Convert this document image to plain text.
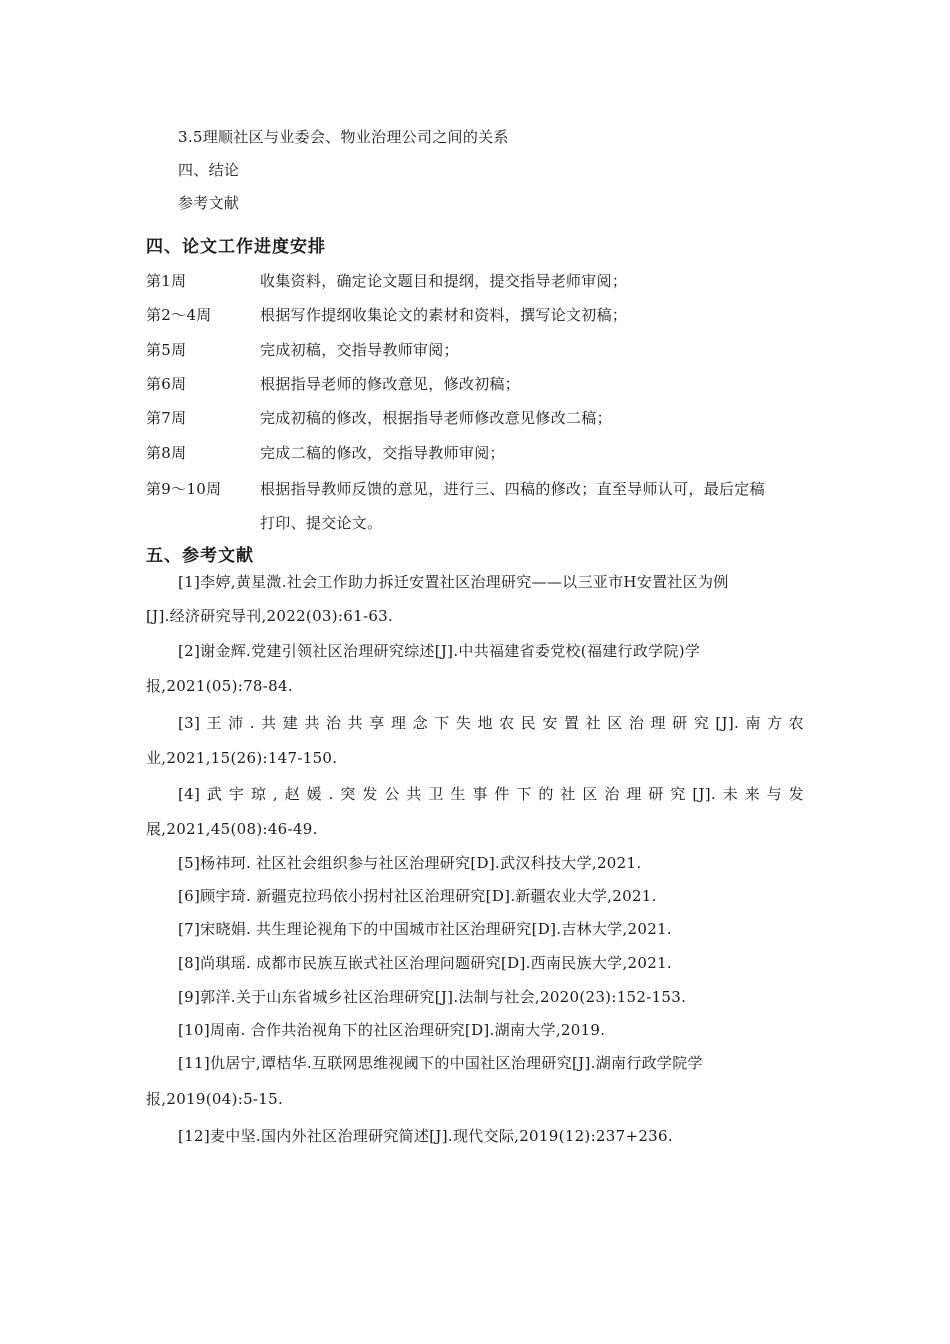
3.5理顺社区与业委会、物业治理公司之间的关系
四、结论
参考文献
四、论文工作进度安排
第1周	收集资料，确定论文题目和提纲，提交指导老师审阅；
第2～4周	根据写作提纲收集论文的素材和资料，撰写论文初稿；
第5周	完成初稿，交指导教师审阅；
第6周	根据指导老师的修改意见，修改初稿；
第7周	完成初稿的修改，根据指导老师修改意见修改二稿；
第8周	完成二稿的修改，交指导教师审阅；
第9～10周	根据指导教师反馈的意见，进行三、四稿的修改；直至导师认可，最后定稿
打印、提交论文。
五、参考文献
[1]李婷,黄星溦.社会工作助力拆迁安置社区治理研究——以三亚市H安置社区为例
[J].经济研究导刊,2022(03):61-63.
[2]谢金辉.党建引领社区治理研究综述[J].中共福建省委党校(福建行政学院)学
报,2021(05):78-84.
[3]王沛.共建共治共享理念下失地农民安置社区治理研究[J].南方农
业,2021,15(26):147-150.
[4]武宇琼,赵媛.突发公共卫生事件下的社区治理研究[J].未来与发
展,2021,45(08):46-49.
[5]杨祎珂. 社区社会组织参与社区治理研究[D].武汉科技大学,2021.
[6]顾宇琦. 新疆克拉玛依小拐村社区治理研究[D].新疆农业大学,2021.
[7]宋晓娟. 共生理论视角下的中国城市社区治理研究[D].吉林大学,2021.
[8]尚琪瑶. 成都市民族互嵌式社区治理问题研究[D].西南民族大学,2021.
[9]郭洋.关于山东省城乡社区治理研究[J].法制与社会,2020(23):152-153.
[10]周南. 合作共治视角下的社区治理研究[D].湖南大学,2019.
[11]仇居宁,谭桔华.互联网思维视阈下的中国社区治理研究[J].湖南行政学院学
报,2019(04):5-15.
[12]麦中坚.国内外社区治理研究简述[J].现代交际,2019(12):237+236.
